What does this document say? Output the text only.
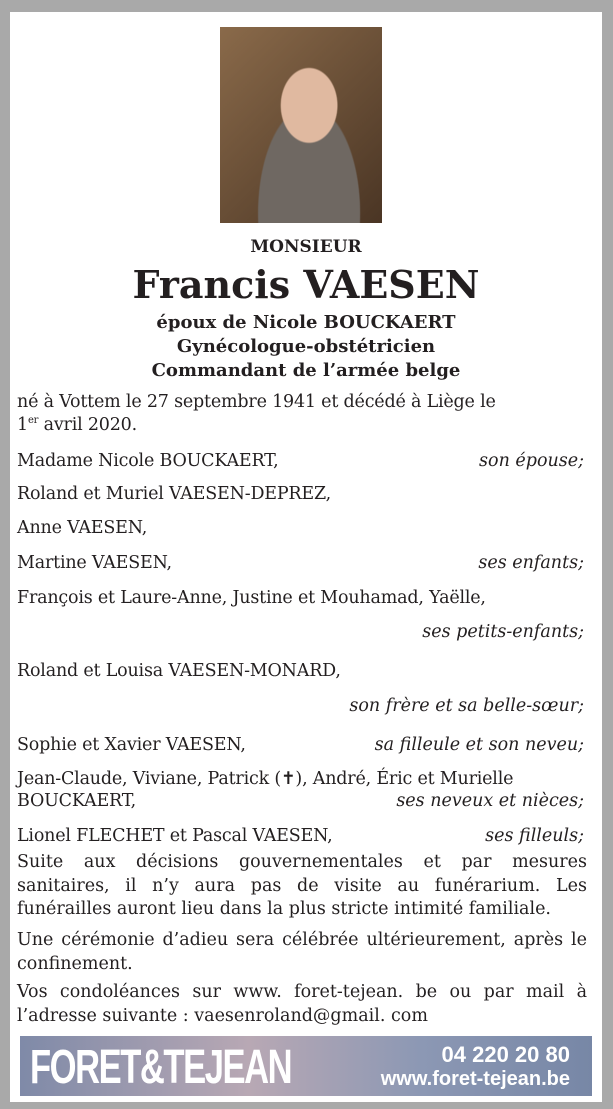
MONSIEUR
Francis VAESEN
époux de Nicole BOUCKAERT
Gynécologue-obstétricien
Commandant de l’armée belge
né à Vottem le 27 septembre 1941 et décédé à Liège le
1er avril 2020.
Madame Nicole BOUCKAERT,	son épouse;
Roland et Muriel VAESEN-DEPREZ,
Anne VAESEN,
Martine VAESEN,	ses enfants;
François et Laure-Anne, Justine et Mouhamad, Yaëlle,
ses petits-enfants;
Roland et Louisa VAESEN-MONARD,
son frère et sa belle-sœur;
Sophie et Xavier VAESEN,	sa filleule et son neveu;
Jean-Claude, Viviane, Patrick (✝), André, Éric et Murielle
BOUCKAERT,	ses neveux et nièces;
Lionel FLECHET et Pascal VAESEN,	ses filleuls;
Suite aux décisions gouvernementales et par mesures sanitaires, il n’y aura pas de visite au funérarium. Les funérailles auront lieu dans la plus stricte intimité familiale.
Une cérémonie d’adieu sera célébrée ultérieurement, après le confinement.
Vos condoléances sur www. foret-tejean. be ou par mail à l’adresse suivante : vaesenroland@gmail. com
FORET&TEJEAN	04 220 20 80
www.foret-tejean.be
